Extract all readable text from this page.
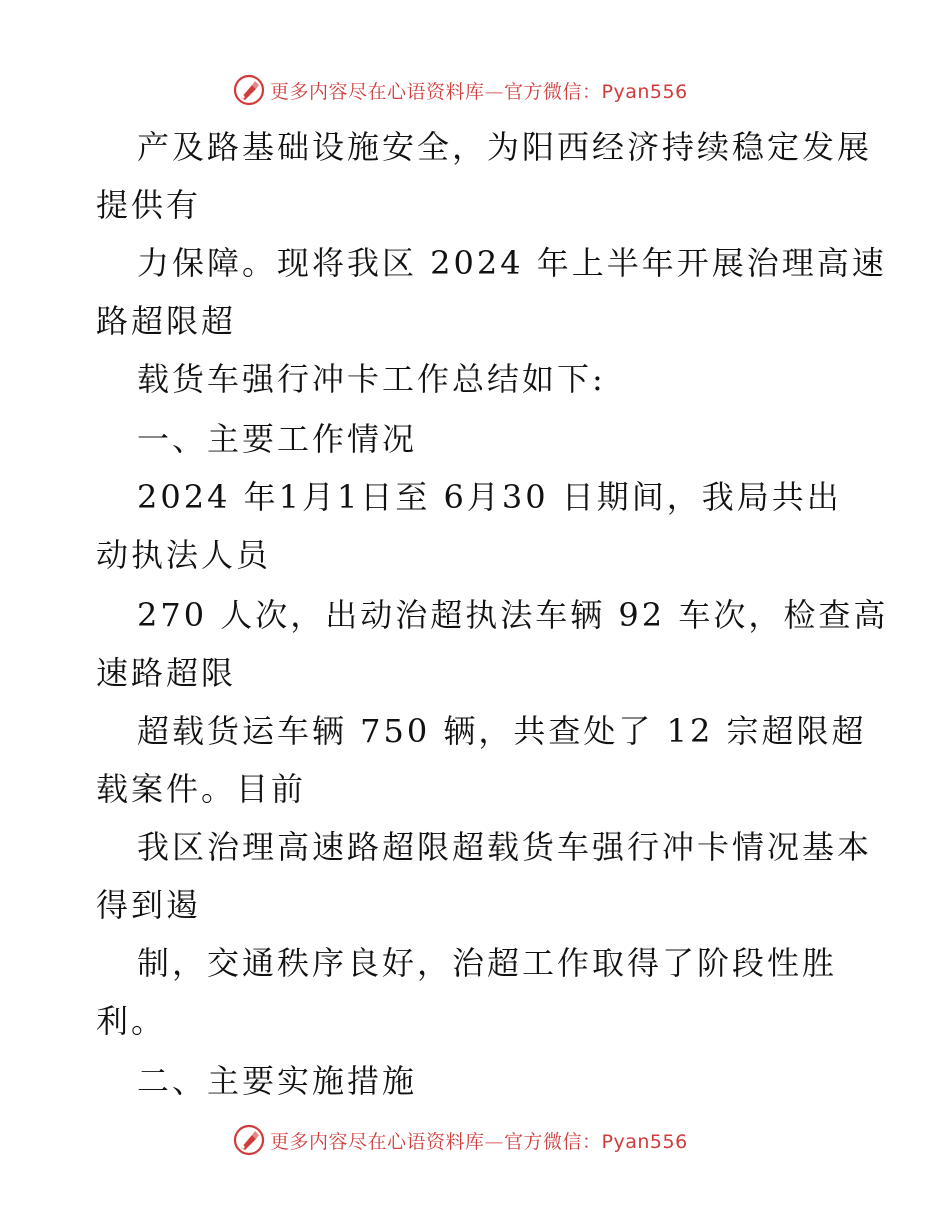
更多内容尽在心语资料库—官方微信：Pyan556
产及路基础设施安全，为阳西经济持续稳定发展
提供有
力保障。现将我区 2024 年上半年开展治理高速
路超限超
载货车强行冲卡工作总结如下:
一、主要工作情况
2024 年1月1日至 6月30 日期间，我局共出
动执法人员
270 人次，出动治超执法车辆 92 车次，检查高
速路超限
超载货运车辆 750 辆，共查处了 12 宗超限超
载案件。目前
我区治理高速路超限超载货车强行冲卡情况基本
得到遏
制，交通秩序良好，治超工作取得了阶段性胜
利。
二、主要实施措施
更多内容尽在心语资料库—官方微信：Pyan556
